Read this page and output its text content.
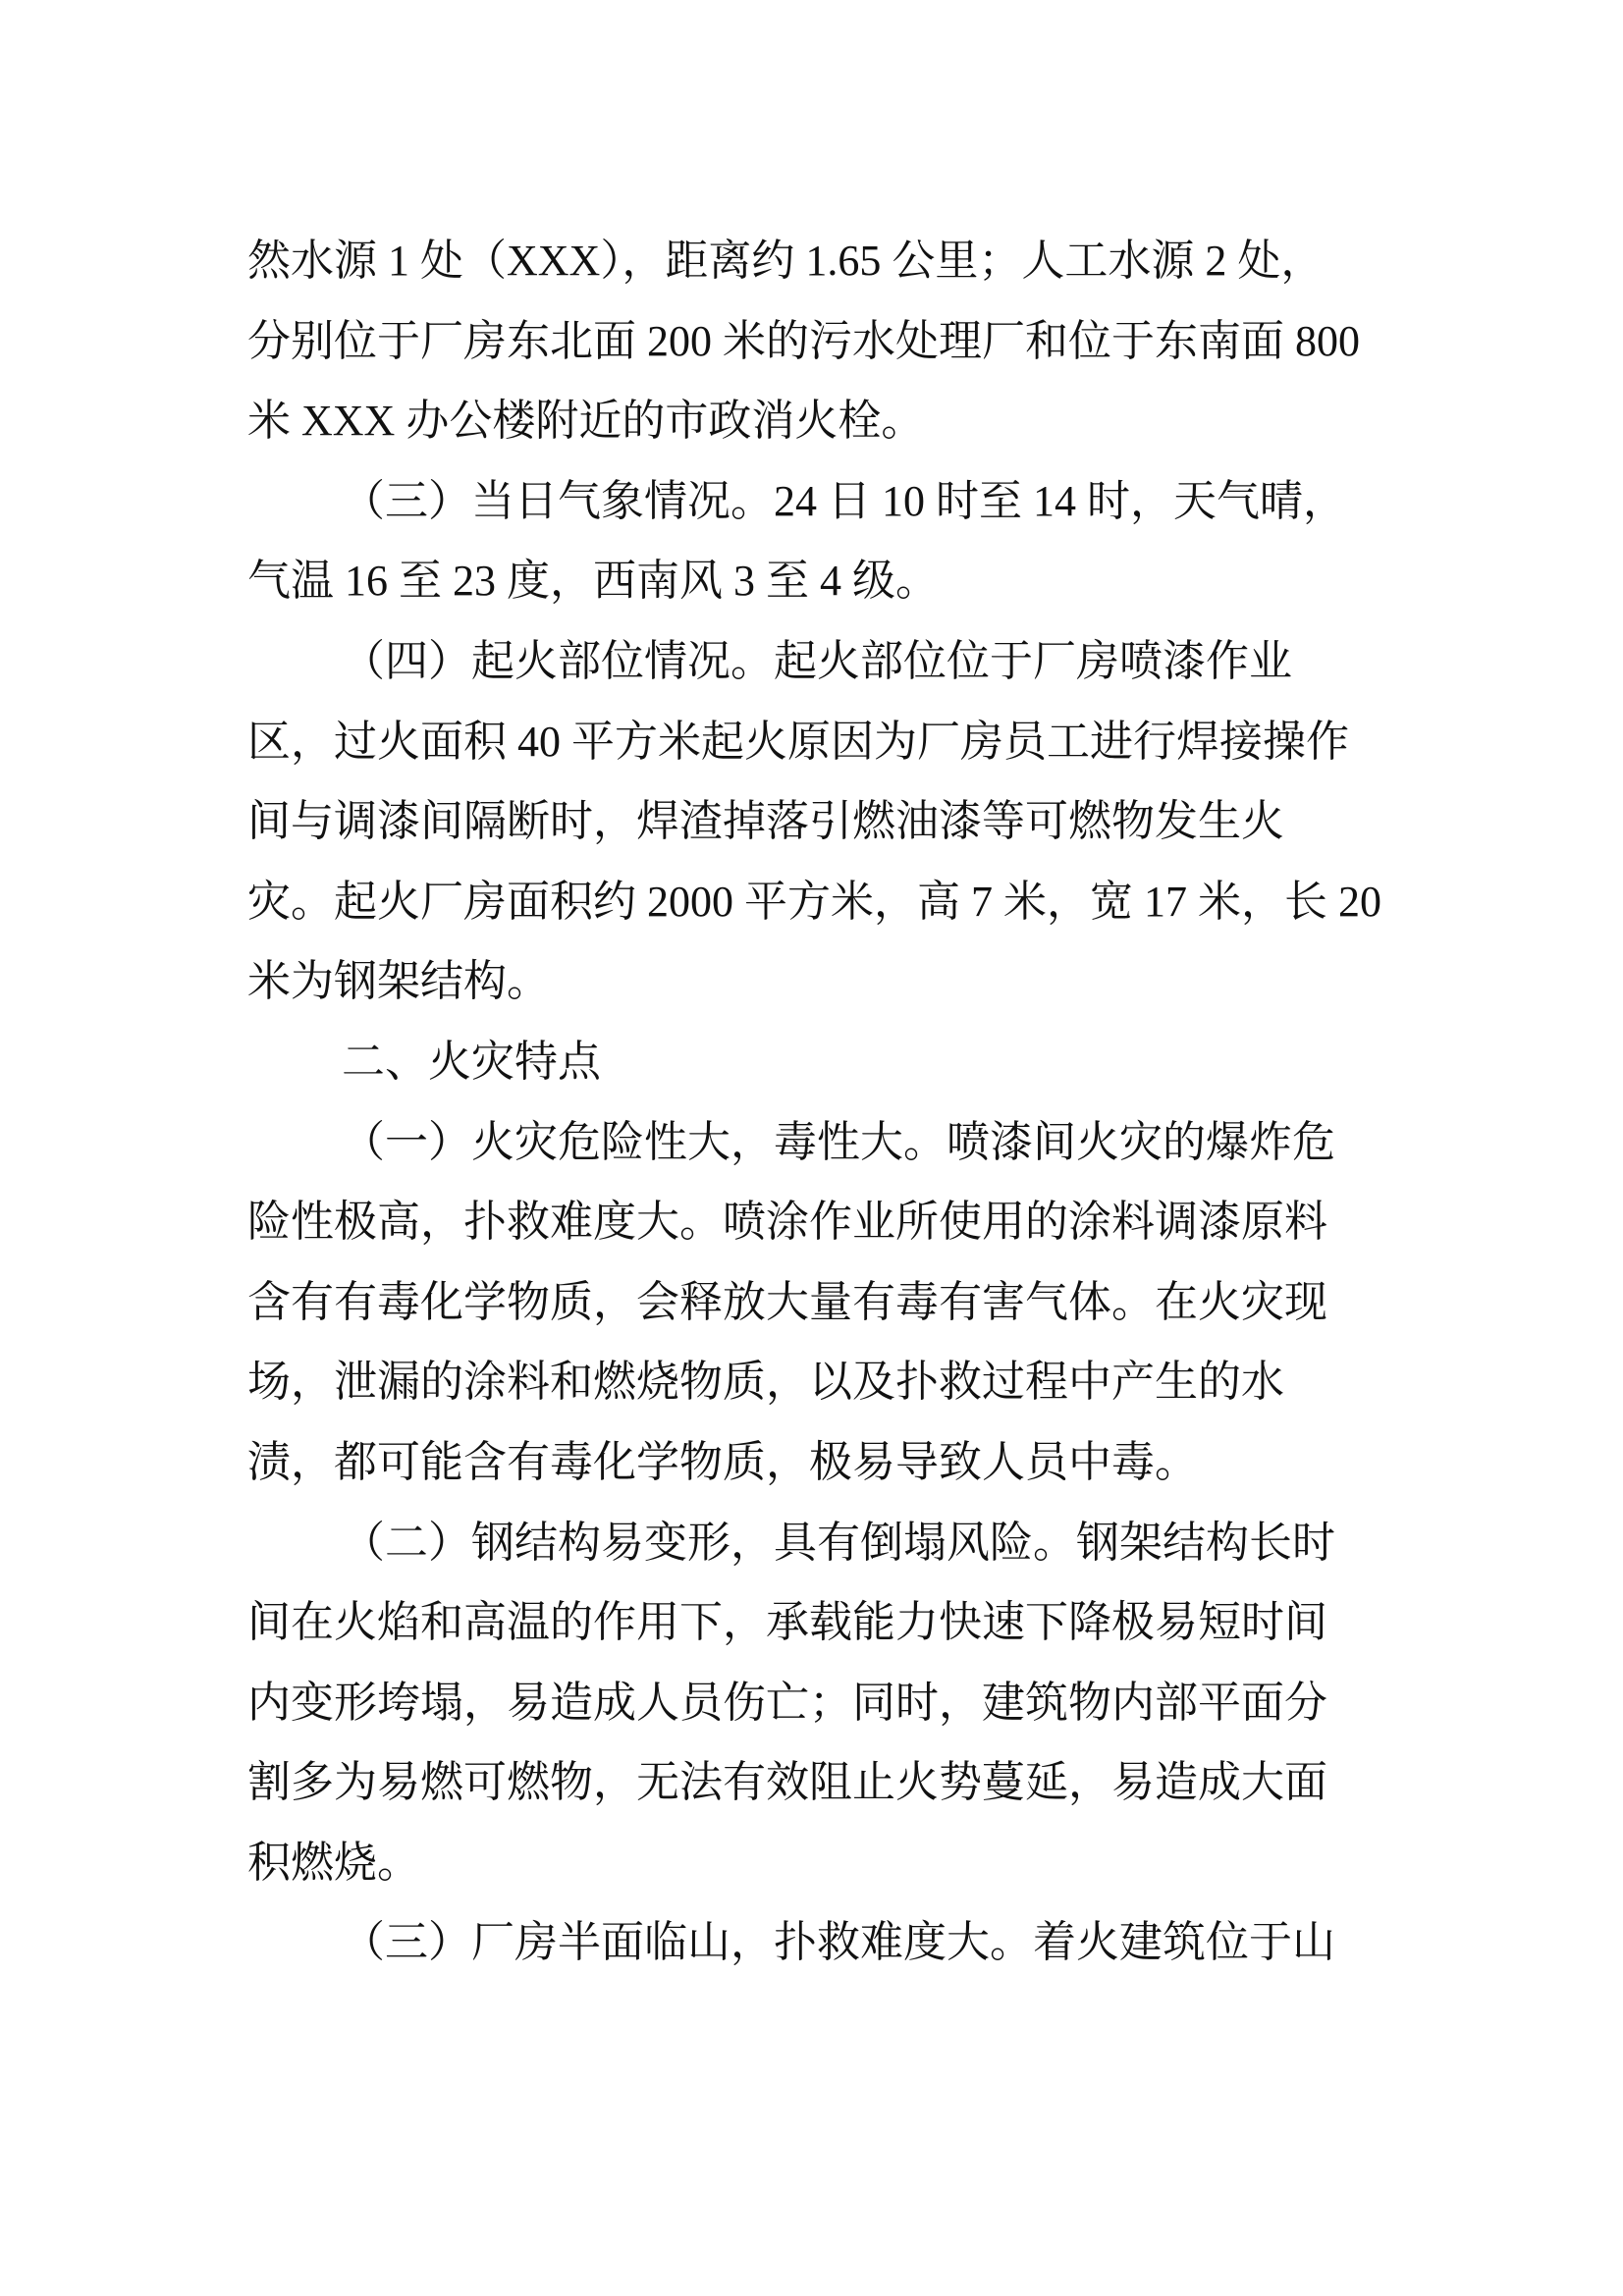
然水源 1 处（XXX），距离约 1.65 公里；人工水源 2 处，
分别位于厂房东北面 200 米的污水处理厂和位于东南面 800
米 XXX 办公楼附近的市政消火栓。
（三）当日气象情况。24 日 10 时至 14 时，天气晴，
气温 16 至 23 度，西南风 3 至 4 级。
（四）起火部位情况。起火部位位于厂房喷漆作业
区，过火面积 40 平方米起火原因为厂房员工进行焊接操作
间与调漆间隔断时，焊渣掉落引燃油漆等可燃物发生火
灾。起火厂房面积约 2000 平方米，高 7 米，宽 17 米，长 20
米为钢架结构。
二、火灾特点
（一）火灾危险性大，毒性大。喷漆间火灾的爆炸危
险性极高，扑救难度大。喷涂作业所使用的涂料调漆原料
含有有毒化学物质，会释放大量有毒有害气体。在火灾现
场，泄漏的涂料和燃烧物质，以及扑救过程中产生的水
渍，都可能含有毒化学物质，极易导致人员中毒。
（二）钢结构易变形，具有倒塌风险。钢架结构长时
间在火焰和高温的作用下，承载能力快速下降极易短时间
内变形垮塌，易造成人员伤亡；同时，建筑物内部平面分
割多为易燃可燃物，无法有效阻止火势蔓延，易造成大面
积燃烧。
（三）厂房半面临山，扑救难度大。着火建筑位于山
